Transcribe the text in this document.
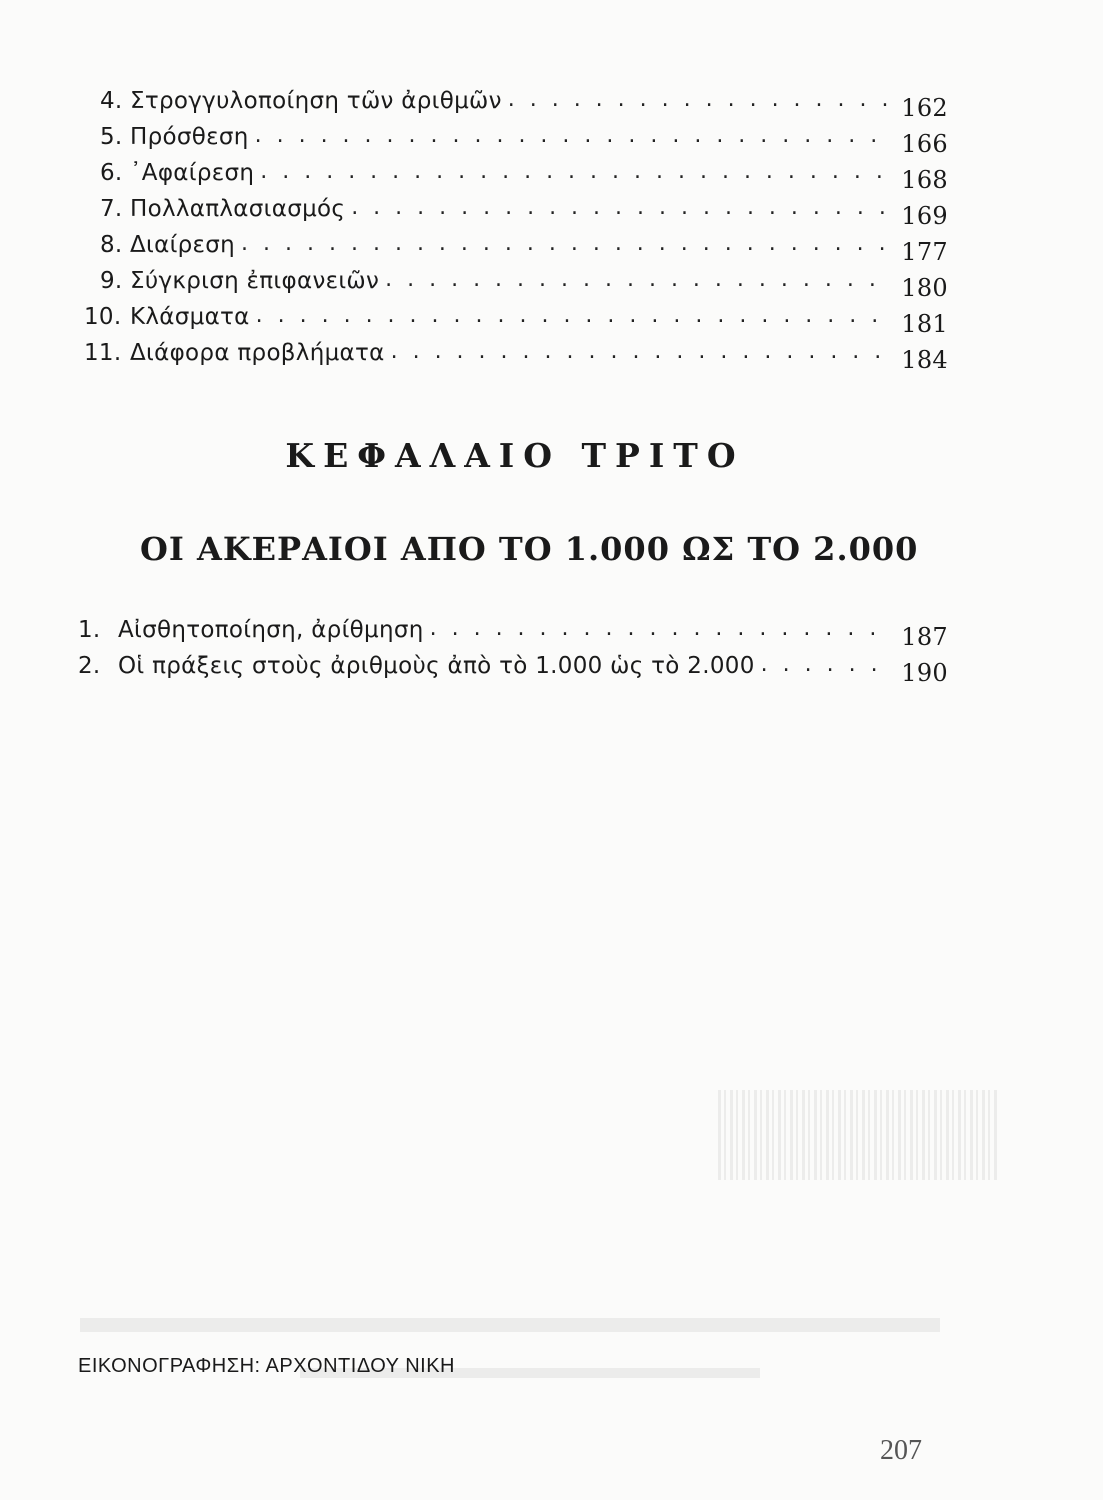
4. Στρογγυλοποίηση τῶν ἀριθμῶν . . .	162
5. Πρόσθεση . . .	166
6. ᾿Αφαίρεση . . .	168
7. Πολλαπλασιασμός . . .	169
8. Διαίρεση . . .	177
9. Σύγκριση ἐπιφανειῶν . . .	180
10. Κλάσματα . . .	181
11. Διάφορα προβλήματα . . .	184
ΚΕΦΑΛΑΙΟ ΤΡΙΤΟ
ΟΙ ΑΚΕΡΑΙΟΙ ΑΠΟ ΤΟ 1.000 ΩΣ ΤΟ 2.000
1. Αἰσθητοποίηση, ἀρίθμηση . . .	187
2. Οἱ πράξεις στοὺς ἀριθμοὺς ἀπὸ τὸ 1.000 ὡς τὸ 2.000 . . .	190
ΕΙΚΟΝΟΓΡΑΦΗΣΗ: ΑΡΧΟΝΤΙΔΟΥ ΝΙΚΗ
207
